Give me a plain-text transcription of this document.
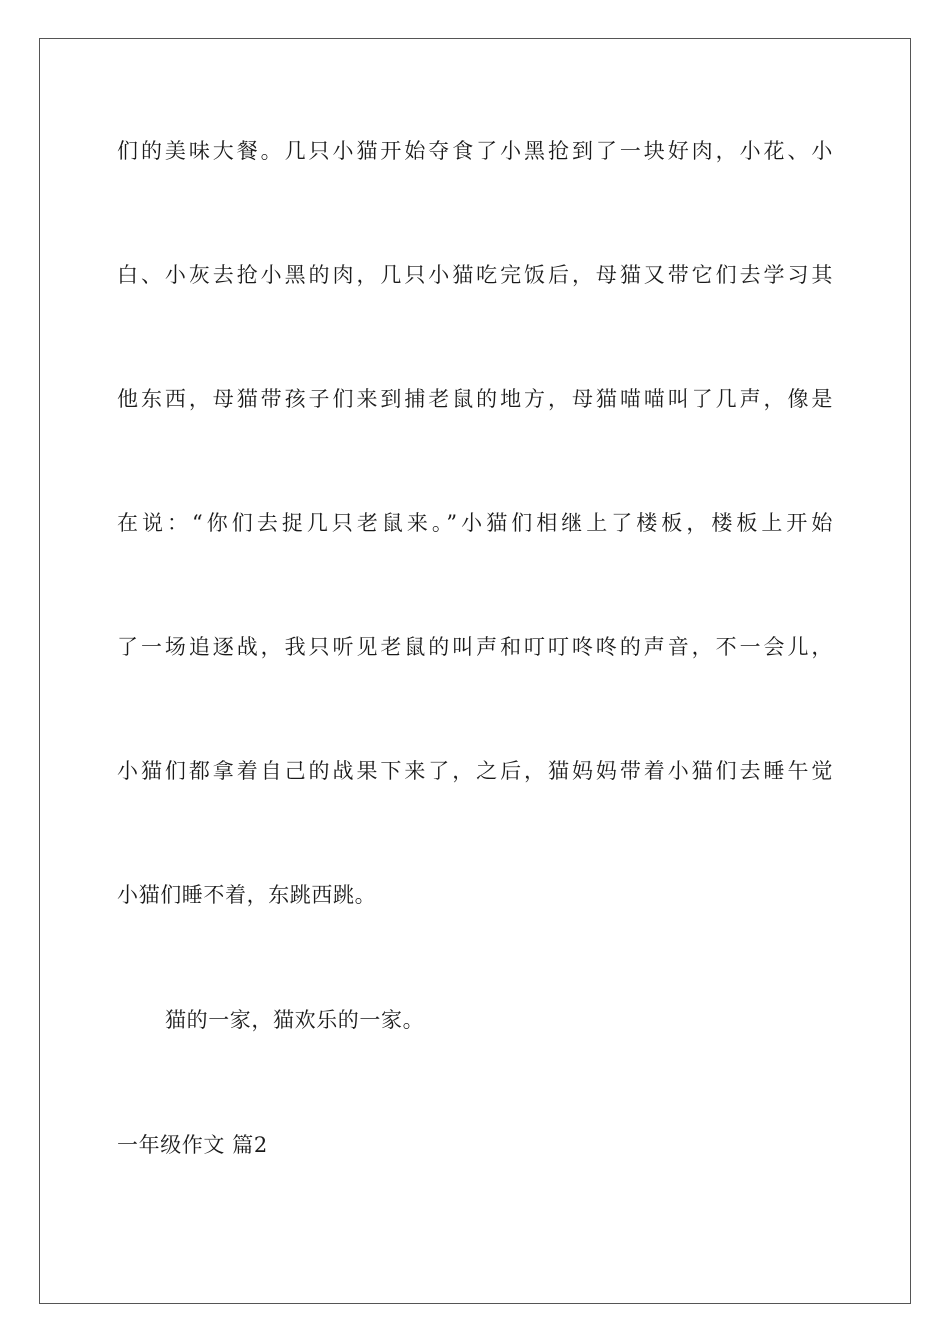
们的美味大餐。几只小猫开始夺食了小黑抢到了一块好肉，小花、小
白、小灰去抢小黑的肉，几只小猫吃完饭后，母猫又带它们去学习其
他东西，母猫带孩子们来到捕老鼠的地方，母猫喵喵叫了几声，像是
在说：“你们去捉几只老鼠来。”小猫们相继上了楼板，楼板上开始
了一场追逐战，我只听见老鼠的叫声和叮叮咚咚的声音，不一会儿，
小猫们都拿着自己的战果下来了，之后，猫妈妈带着小猫们去睡午觉
小猫们睡不着，东跳西跳。
猫的一家，猫欢乐的一家。
一年级作文 篇2
